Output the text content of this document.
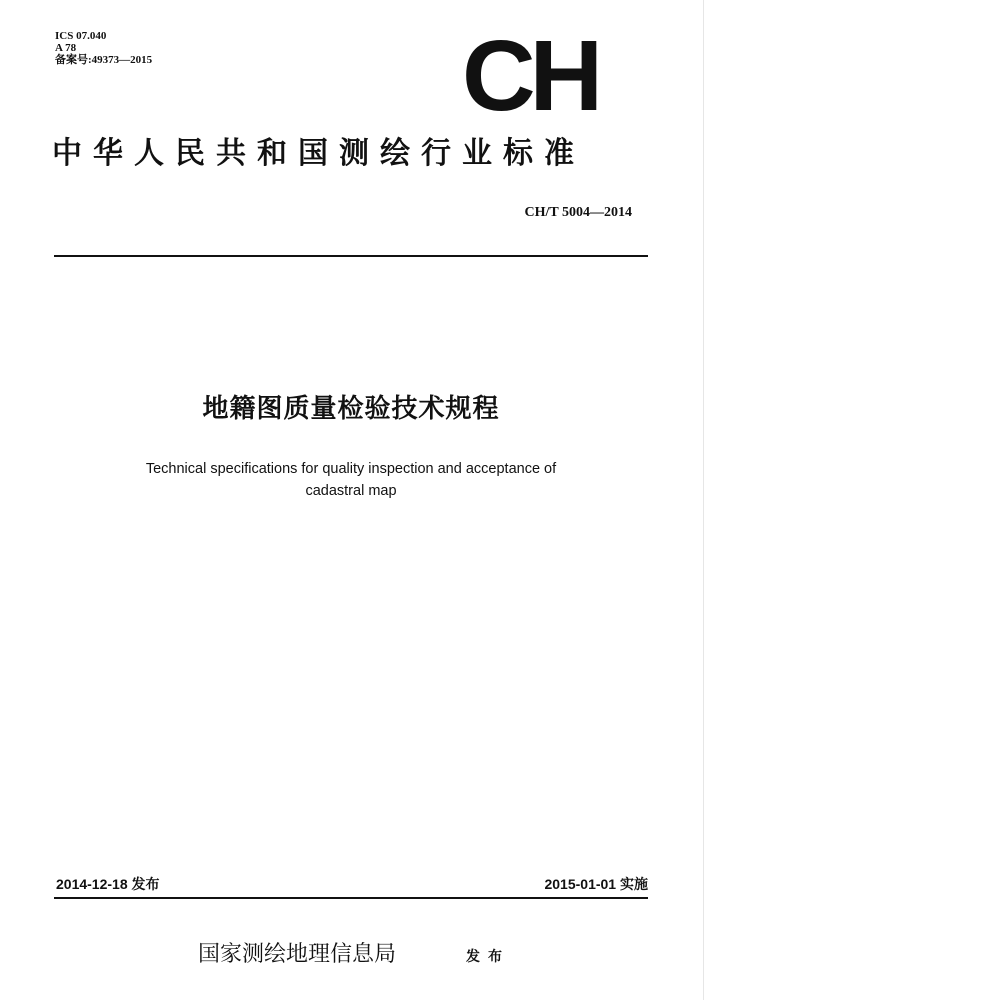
ICS 07.040
A 78
备案号:49373—2015	CH
中华人民共和国测绘行业标准
CH/T 5004—2014
地籍图质量检验技术规程
Technical specifications for quality inspection and acceptance of
cadastral map
2014-12-18 发布	2015-01-01 实施
国家测绘地理信息局	发布
